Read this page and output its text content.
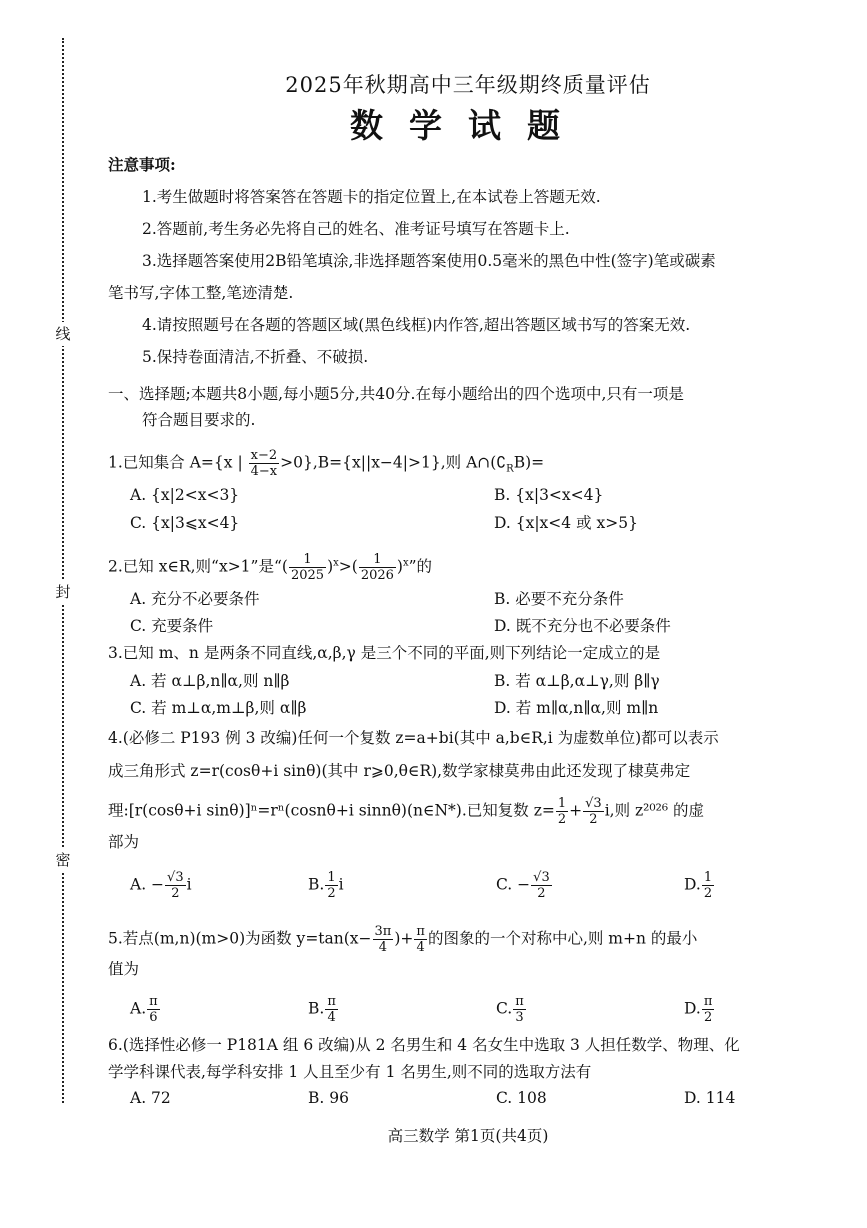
线
封
密
2025年秋期高中三年级期终质量评估
数学试题
注意事项:
1.考生做题时将答案答在答题卡的指定位置上,在本试卷上答题无效.
2.答题前,考生务必先将自己的姓名、准考证号填写在答题卡上.
3.选择题答案使用2B铅笔填涂,非选择题答案使用0.5毫米的黑色中性(签字)笔或碳素
笔书写,字体工整,笔迹清楚.
4.请按照题号在各题的答题区域(黑色线框)内作答,超出答题区域书写的答案无效.
5.保持卷面清洁,不折叠、不破损.
一、选择题;本题共8小题,每小题5分,共40分.在每小题给出的四个选项中,只有一项是
符合题目要求的.
1.已知集合 A={x | $\frac{x-2}{4-x} >0\},B=\{x||x-4|>1\}$,则 $A\cap(∁_RB)=$
A. {x|2<x<3}	B. {x|3<x<4}
C. {x|3⩽x<4}	D. {x|x<4 或 x>5}
2.已知 x∈R,则“x>1”是“( $\frac{1}{2025} )^x>( \frac{1}{2026} )^x$”的
A. 充分不必要条件	B. 必要不充分条件
C. 充要条件	D. 既不充分也不必要条件
3.已知 m、n 是两条不同直线,α,β,γ 是三个不同的平面,则下列结论一定成立的是
A. 若 α⊥β,n∥α,则 n∥β	B. 若 α⊥β,α⊥γ,则 β∥γ
C. 若 m⊥α,m⊥β,则 α∥β	D. 若 m∥α,n∥α,则 m∥n
4.(必修二 P193 例 3 改编)任何一个复数 z=a+bi(其中 a,b∈R,i 为虚数单位)都可以表示
成三角形式 z=r(cosθ+i sinθ)(其中 r⩾0,θ∈R),数学家棣莫弗由此还发现了棣莫弗定
理:[r(cosθ+i sinθ)]ⁿ=rⁿ(cosnθ+i sinnθ)(n∈N*).已知复数 $z= \frac{1}{2} + \frac{√3}{2} i$,则 z²⁰²⁶ 的虚
部为
A. − $\frac{√3}{2}$ i	B. $\frac{1}{2}$ i	C. − $\frac{√3}{2}$	D. $\frac{1}{2}$
5.若点(m,n)(m>0)为函数 $y=\tan(x- \frac{3\pi}{4}$ )+ $\frac{\pi}{4}$ 的图象的一个对称中心,则 m+n 的最小
值为
A. $\frac{\pi}{6}$	B. $\frac{\pi}{4}$	C. $\frac{\pi}{3}$	D. $\frac{\pi}{2}$
6.(选择性必修一 P181A 组 6 改编)从 2 名男生和 4 名女生中选取 3 人担任数学、物理、化
学学科课代表,每学科安排 1 人且至少有 1 名男生,则不同的选取方法有
A. 72	B. 96	C. 108	D. 114
高三数学 第1页(共4页)
